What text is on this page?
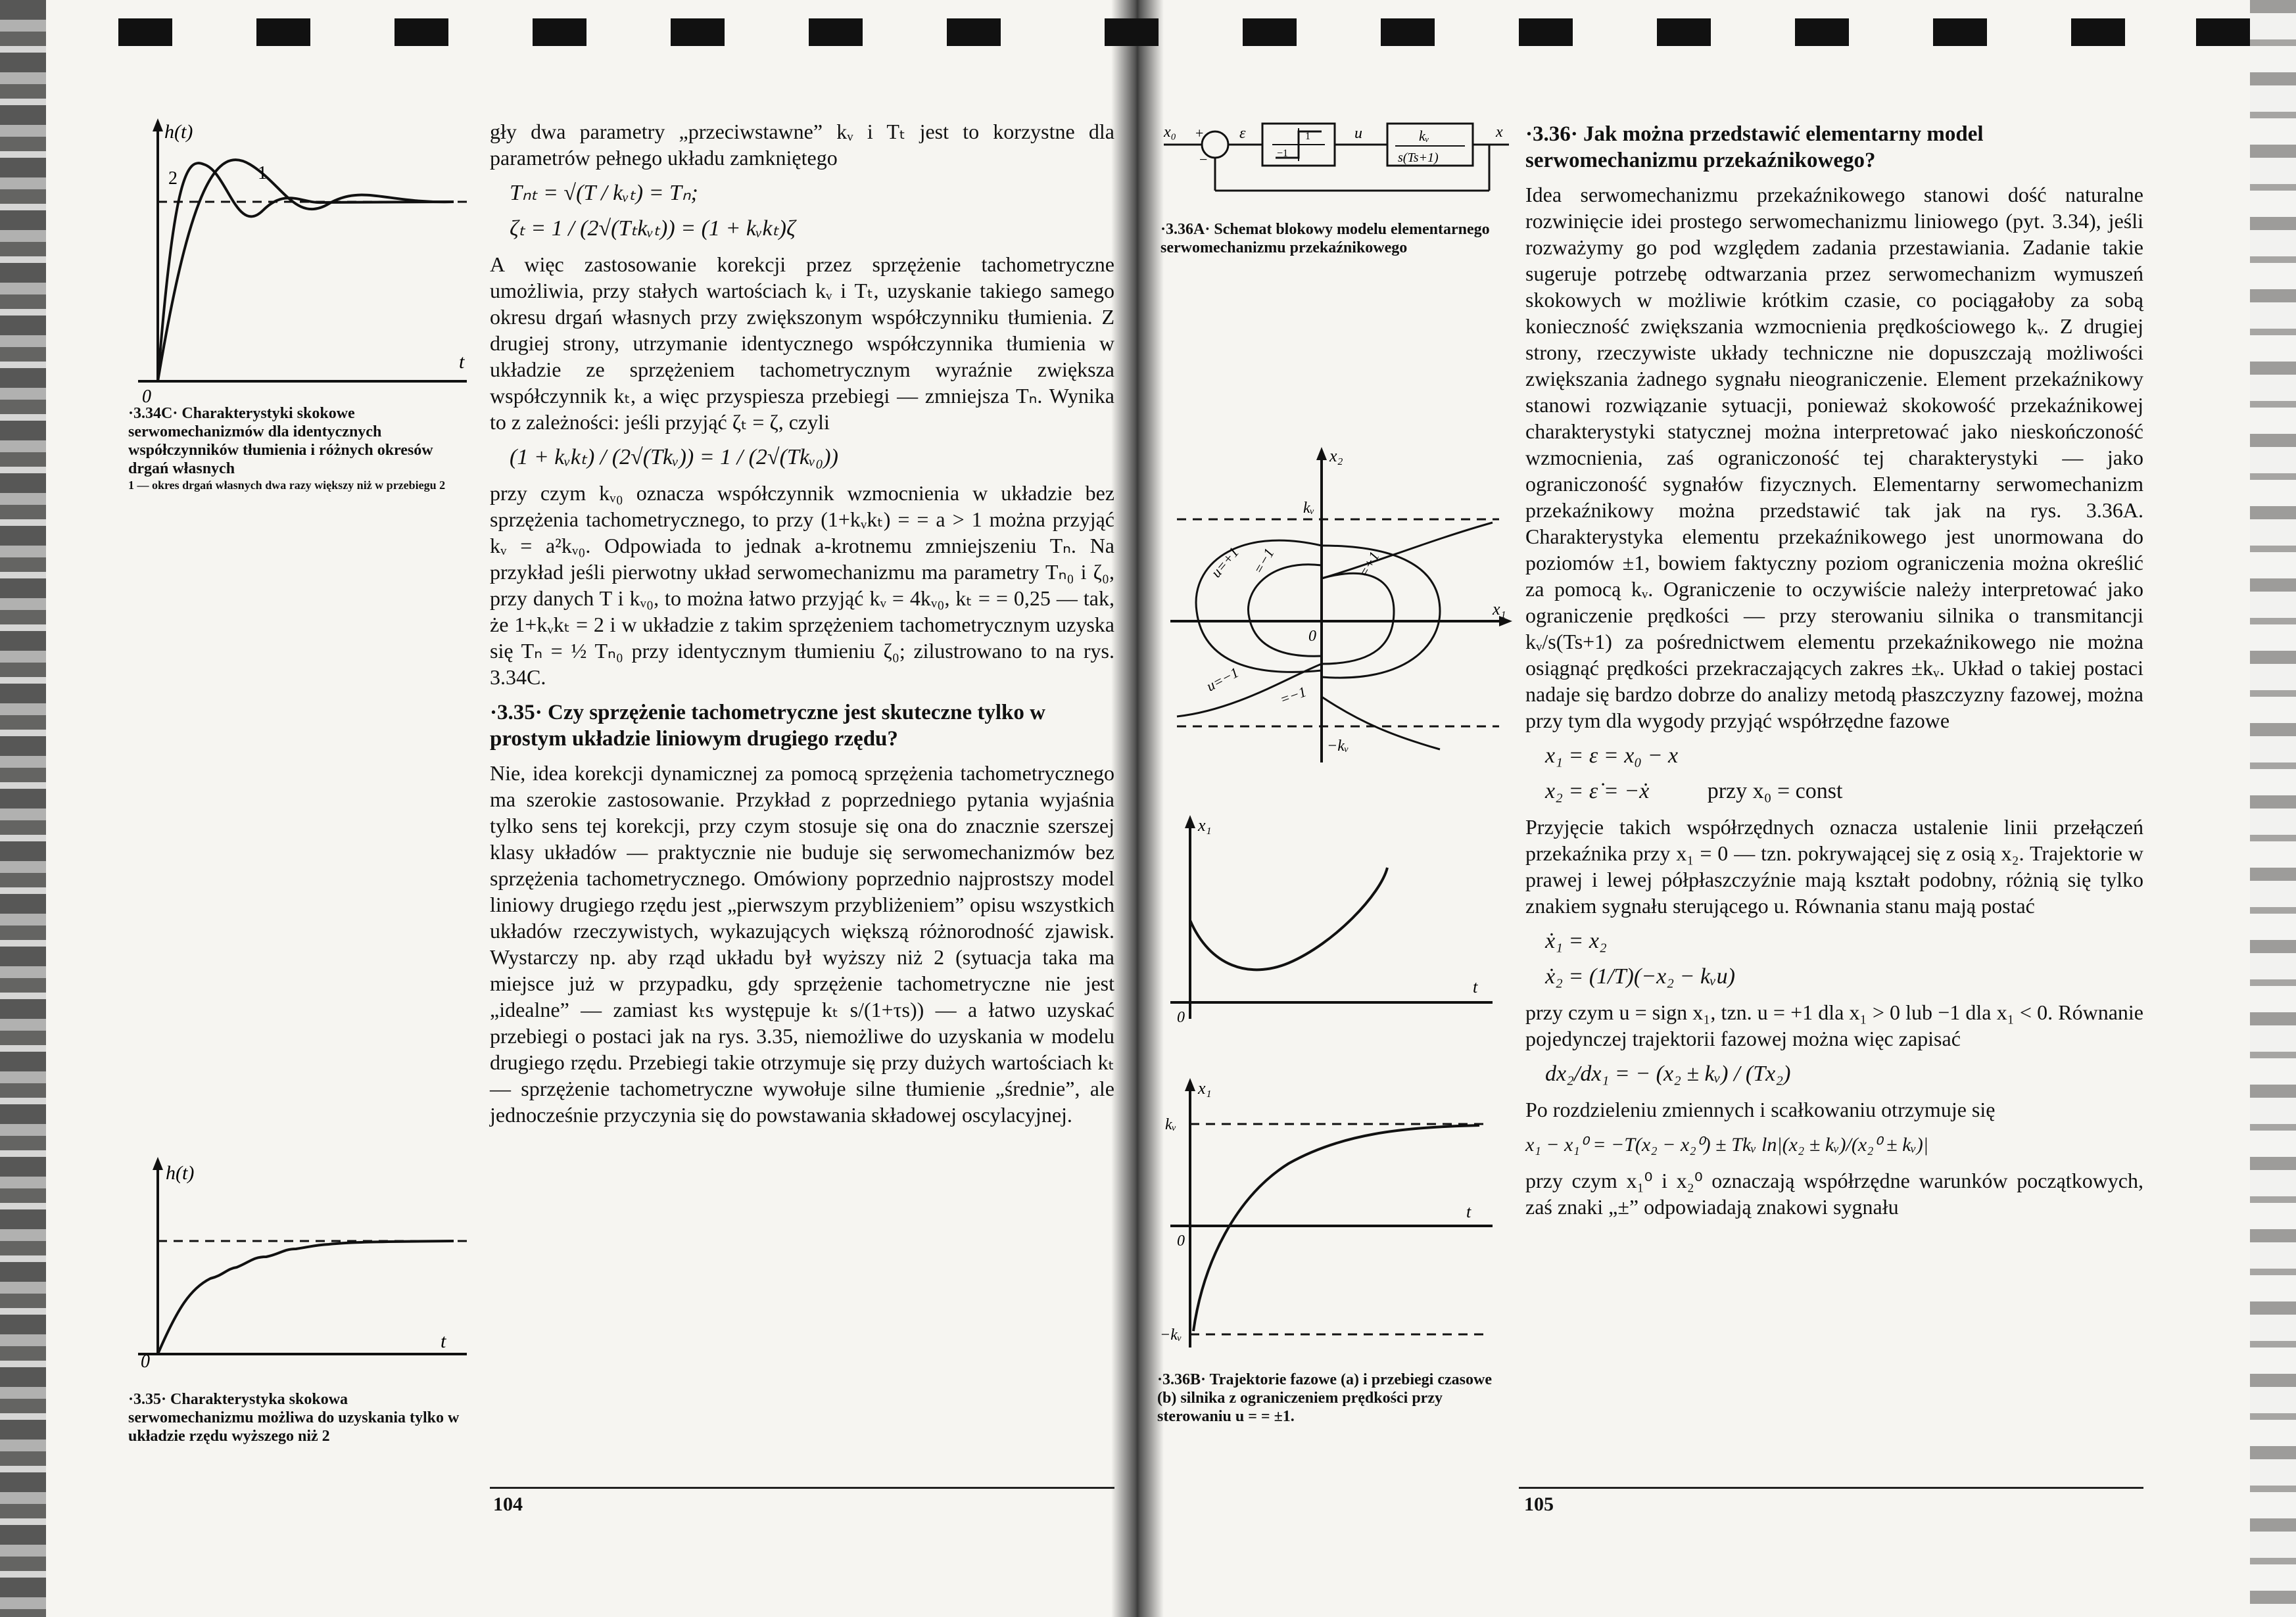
h(t)
t
0
2	1
·3.34C· Charakterystyki skokowe serwomechanizmów dla identycznych współczynników tłumienia i różnych okresów drgań własnych
1 — okres drgań własnych dwa razy większy niż w przebiegu 2
h(t)
t
0
·3.35· Charakterystyka skokowa serwomechanizmu możliwa do uzyskania tylko w układzie rzędu wyższego niż 2

gły dwa parametry „przeciwstawne” kᵥ i Tₜ jest to korzystne dla parametrów pełnego układu zamkniętego

Tₙₜ = √(T / kᵥₜ) = Tₙ;
ζₜ = 1 / (2√(Tₜkᵥₜ)) = (1 + kᵥkₜ)ζ

A więc zastosowanie korekcji przez sprzężenie tachometryczne umożliwia, przy stałych wartościach kᵥ i Tₜ, uzyskanie takiego samego okresu drgań własnych przy zwiększonym współczynniku tłumienia. Z drugiej strony, utrzymanie identycznego współczynnika tłumienia w układzie ze sprzężeniem tachometrycznym wyraźnie zwiększa współczynnik kₜ, a więc przyspiesza przebiegi — zmniejsza Tₙ. Wynika to z zależności: jeśli przyjąć ζₜ = ζ, czyli

(1 + kᵥkₜ) / (2√(Tkᵥ)) = 1 / (2√(Tkᵥ₀))

przy czym kᵥ₀ oznacza współczynnik wzmocnienia w układzie bez sprzężenia tachometrycznego, to przy (1+kᵥkₜ) = = a > 1 można przyjąć kᵥ = a²kᵥ₀. Odpowiada to jednak a-krotnemu zmniejszeniu Tₙ. Na przykład jeśli pierwotny układ serwomechanizmu ma parametry Tₙ₀ i ζ₀, przy danych T i kᵥ₀, to można łatwo przyjąć kᵥ = 4kᵥ₀, kₜ = = 0,25 — tak, że 1+kᵥkₜ = 2 i w układzie z takim sprzężeniem tachometrycznym uzyska się Tₙ = ½ Tₙ₀ przy identycznym tłumieniu ζ₀; zilustrowano to na rys. 3.34C.

·3.35· Czy sprzężenie tachometryczne jest skuteczne tylko w prostym układzie liniowym drugiego rzędu?

Nie, idea korekcji dynamicznej za pomocą sprzężenia tachometrycznego ma szerokie zastosowanie. Przykład z poprzedniego pytania wyjaśnia tylko sens tej korekcji, przy czym stosuje się ona do znacznie szerszej klasy układów — praktycznie nie buduje się serwomechanizmów bez sprzężenia tachometrycznego. Omówiony poprzednio najprostszy model liniowy drugiego rzędu jest „pierwszym przybliżeniem” opisu wszystkich układów rzeczywistych, wykazujących większą różnorodność zjawisk. Wystarczy np. aby rząd układu był wyższy niż 2 (sytuacja taka ma miejsce już w przypadku, gdy sprzężenie tachometryczne nie jest „idealne” — zamiast kₜs występuje kₜ s/(1+τs)) — a łatwo uzyskać przebiegi o postaci jak na rys. 3.35, niemożliwe do uzyskania w modelu drugiego rzędu. Przebiegi takie otrzymuje się przy dużych wartościach kₜ — sprzężenie tachometryczne wywołuje silne tłumienie „średnie”, ale jednocześnie przyczynia się do powstawania składowej oscylacyjnej.

104
x₀ +
−
ε	1
−1
u	kᵥ
s(Ts+1)
x
·3.36A· Schemat blokowy modelu elementarnego serwomechanizmu przekaźnikowego
x₂
x₁
0
kᵥ
−kᵥ
u=+1
u=−1
=−1	=+1
=−1
x₁
t
0
x₁
t
0
kᵥ
−kᵥ
·3.36B· Trajektorie fazowe (a) i przebiegi czasowe (b) silnika z ograniczeniem prędkości przy sterowaniu u = = ±1.

·3.36· Jak można przedstawić elementarny model serwomechanizmu przekaźnikowego?

Idea serwomechanizmu przekaźnikowego stanowi dość naturalne rozwinięcie idei prostego serwomechanizmu liniowego (pyt. 3.34), jeśli rozważymy go pod względem zadania przestawiania. Zadanie takie sugeruje potrzebę odtwarzania przez serwomechanizm wymuszeń skokowych w możliwie krótkim czasie, co pociągałoby za sobą konieczność zwiększania wzmocnienia prędkościowego kᵥ. Z drugiej strony, rzeczywiste układy techniczne nie dopuszczają możliwości zwiększania żadnego sygnału nieograniczenie. Element przekaźnikowy stanowi rozwiązanie sytuacji, ponieważ skokowość przekaźnikowej charakterystyki statycznej można interpretować jako nieskończoność wzmocnienia, zaś ograniczoność tej charakterystyki — jako ograniczoność sygnałów fizycznych. Elementarny serwomechanizm przekaźnikowy można przedstawić tak jak na rys. 3.36A. Charakterystyka elementu przekaźnikowego jest unormowana do poziomów ±1, bowiem faktyczny poziom ograniczenia można określić za pomocą kᵥ. Ograniczenie to oczywiście należy interpretować jako ograniczenie prędkości — przy sterowaniu silnika o transmitancji kᵥ/s(Ts+1) za pośrednictwem elementu przekaźnikowego nie można osiągnąć prędkości przekraczających zakres ±kᵥ. Układ o takiej postaci nadaje się bardzo dobrze do analizy metodą płaszczyzny fazowej, można przy tym dla wygody przyjąć współrzędne fazowe

x₁ = ε = x₀ − x
x₂ = ε̇ = −ẋ	przy x₀ = const

Przyjęcie takich współrzędnych oznacza ustalenie linii przełączeń przekaźnika przy x₁ = 0 — tzn. pokrywającej się z osią x₂. Trajektorie w prawej i lewej półpłaszczyźnie mają kształt podobny, różnią się tylko znakiem sygnału sterującego u. Równania stanu mają postać

ẋ₁ = x₂
ẋ₂ = (1/T)(−x₂ − kᵥu)

przy czym u = sign x₁, tzn. u = +1 dla x₁ > 0 lub −1 dla x₁ < 0. Równanie pojedynczej trajektorii fazowej można więc zapisać

dx₂/dx₁ = − (x₂ ± kᵥ) / (Tx₂)

Po rozdzieleniu zmiennych i scałkowaniu otrzymuje się

x₁ − x₁⁰ = −T(x₂ − x₂⁰) ± Tkᵥ ln|(x₂ ± kᵥ)/(x₂⁰ ± kᵥ)|

przy czym x₁⁰ i x₂⁰ oznaczają współrzędne warunków początkowych, zaś znaki „±” odpowiadają znakowi sygnału

105
